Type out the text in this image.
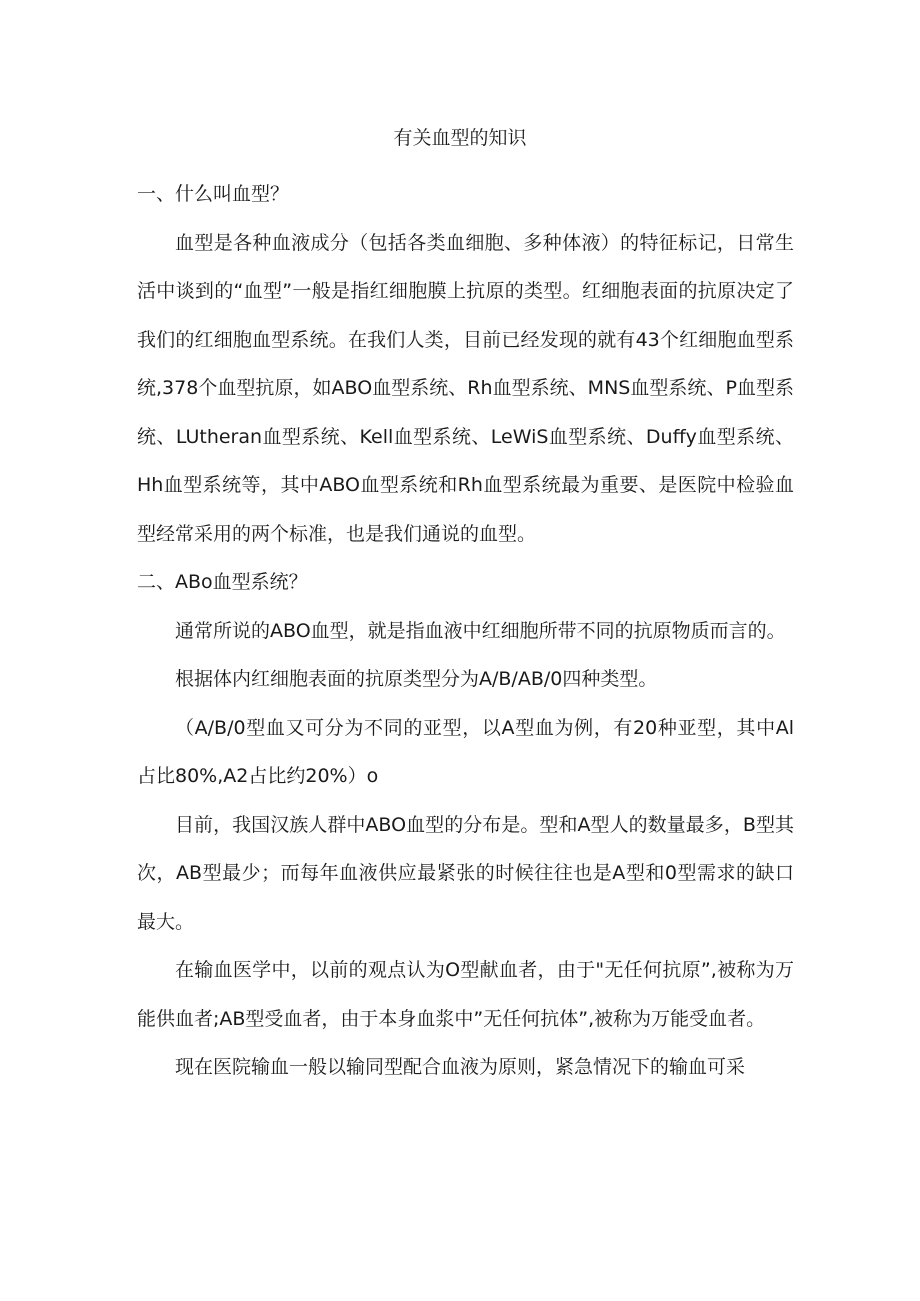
有关血型的知识

一、什么叫血型？

血型是各种血液成分（包括各类血细胞、多种体液）的特征标记，日常生活中谈到的“血型”一般是指红细胞膜上抗原的类型。红细胞表面的抗原决定了我们的红细胞血型系统。在我们人类，目前已经发现的就有43个红细胞血型系统,378个血型抗原，如ABO血型系统、Rh血型系统、MNS血型系统、P血型系统、LUtheran血型系统、Kell血型系统、LeWiS血型系统、Duffy血型系统、Hh血型系统等，其中ABO血型系统和Rh血型系统最为重要、是医院中检验血型经常采用的两个标准，也是我们通说的血型。

二、ABo血型系统？

通常所说的ABO血型，就是指血液中红细胞所带不同的抗原物质而言的。

根据体内红细胞表面的抗原类型分为A/B/AB/0四种类型。

（A/B/0型血又可分为不同的亚型，以A型血为例，有20种亚型，其中Al占比80%,A2占比约20%）o

目前，我国汉族人群中ABO血型的分布是。型和A型人的数量最多，B型其次，AB型最少；而每年血液供应最紧张的时候往往也是A型和0型需求的缺口最大。

在输血医学中，以前的观点认为O型献血者，由于"无任何抗原”,被称为万能供血者;AB型受血者，由于本身血浆中”无任何抗体”,被称为万能受血者。

现在医院输血一般以输同型配合血液为原则，紧急情况下的输血可采
